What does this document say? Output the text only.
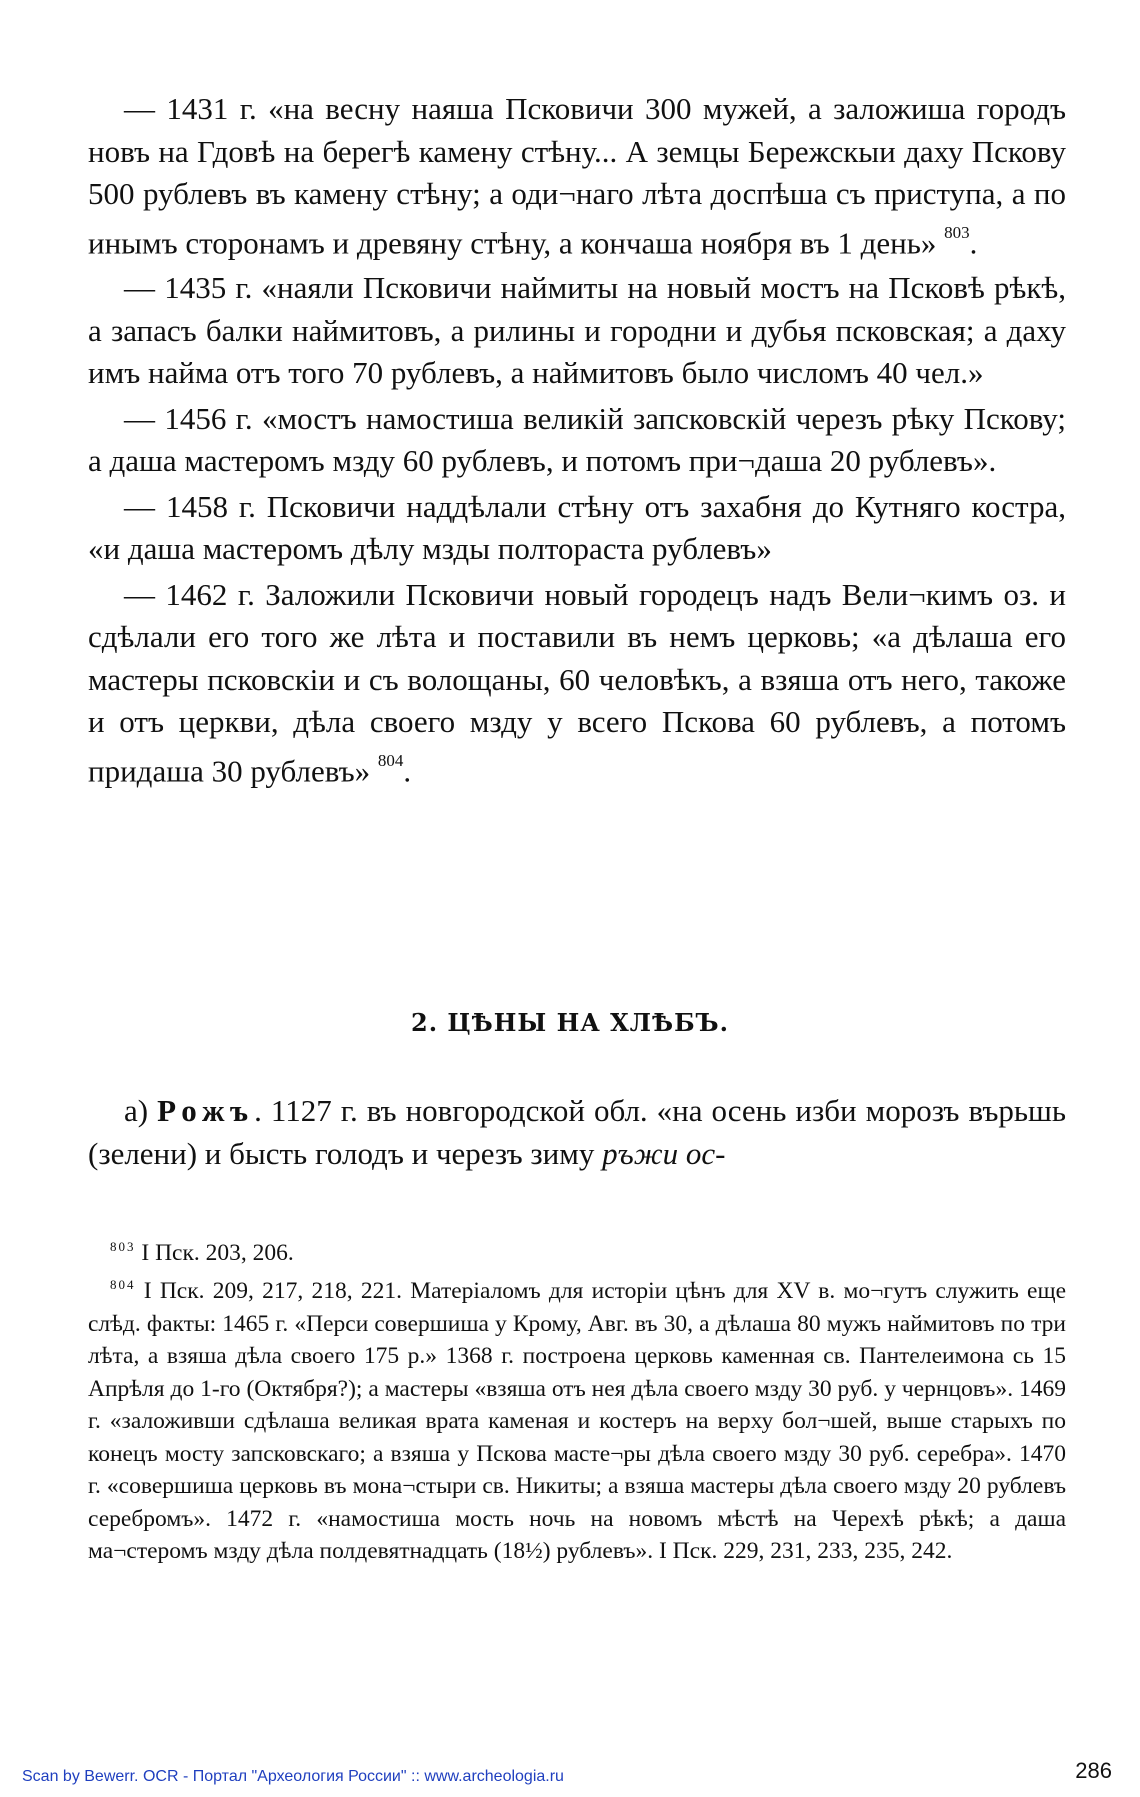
— 1431 г. «на весну наяша Псковичи 300 мужей, а заложиша городъ новъ на Гдовѣ на берегѣ камену стѣну... А земцы Бережскыи даху Пскову 500 рублевъ въ камену стѣну; а оди¬наго лѣта доспѣша съ приступа, а по инымъ сторонамъ и древяну стѣну, а кончаша ноября въ 1 день» $^{803}$.

— 1435 г. «наяли Псковичи наймиты на новый мостъ на Псковѣ рѣкѣ, а запасъ балки наймитовъ, а рилины и городни и дубья псковская; а даху имъ найма отъ того 70 рублевъ, а наймитовъ было числомъ 40 чел.»

— 1456 г. «мостъ намостиша великій запсковскій черезъ рѣку Пскову; а даша мастеромъ мзду 60 рублевъ, и потомъ при¬даша 20 рублевъ».

— 1458 г. Псковичи наддѣлали стѣну отъ захабня до Кутняго костра, «и даша мастеромъ дѣлу мзды полтораста рублевъ»

— 1462 г. Заложили Псковичи новый городецъ надъ Вели¬кимъ оз. и сдѣлали его того же лѣта и поставили въ немъ церковь; «а дѣлаша его мастеры псковскiи и съ волощаны, 60 человѣкъ, а взяша отъ него, такоже и отъ церкви, дѣла своего мзду у всего Пскова 60 рублевъ, а потомъ придаша 30 рублевъ» $^{804}$.

2. ЦѢНЫ НА ХЛѢБЪ.

а) Рожъ. 1127 г. въ новгородской обл. «на осень изби морозъ върьшь (зелени) и бысть голодъ и черезъ зиму ръжи ос-

$^{803}$ I Пск. 203, 206.

$^{804}$ I Пск. 209, 217, 218, 221. Матеріаломъ для исторіи цѣнъ для XV в. мо¬гутъ служить еще слѣд. факты: 1465 г. «Перси совершиша у Крому, Авг. въ 30, а дѣлаша 80 мужъ наймитовъ по три лѣта, а взяша дѣла своего 175 р.» 1368 г. построена церковь каменная св. Пантелеимона сь 15 Апрѣля до 1-го (Октября?); а мастеры «взяша отъ нея дѣла своего мзду 30 руб. у чернцовъ». 1469 г. «заложивши сдѣлаша великая врата каменая и костеръ на верху бол¬шей, выше старыхъ по конецъ мосту запсковскаго; а взяша у Пскова масте¬ры дѣла своего мзду 30 руб. серебра». 1470 г. «совершиша церковь въ мона¬стыри св. Никиты; а взяша мастеры дѣла своего мзду 20 рублевъ серебромъ». 1472 г. «намостиша мость ночь на новомъ мѣстѣ на Черехѣ рѣкѣ; а даша ма¬стеромъ мзду дѣла полдевятнадцать (18½) рублевъ». I Пск. 229, 231, 233, 235, 242.

Scan by Bewerr. OCR - Портал "Археология России" :: www.archeologia.ru	286
